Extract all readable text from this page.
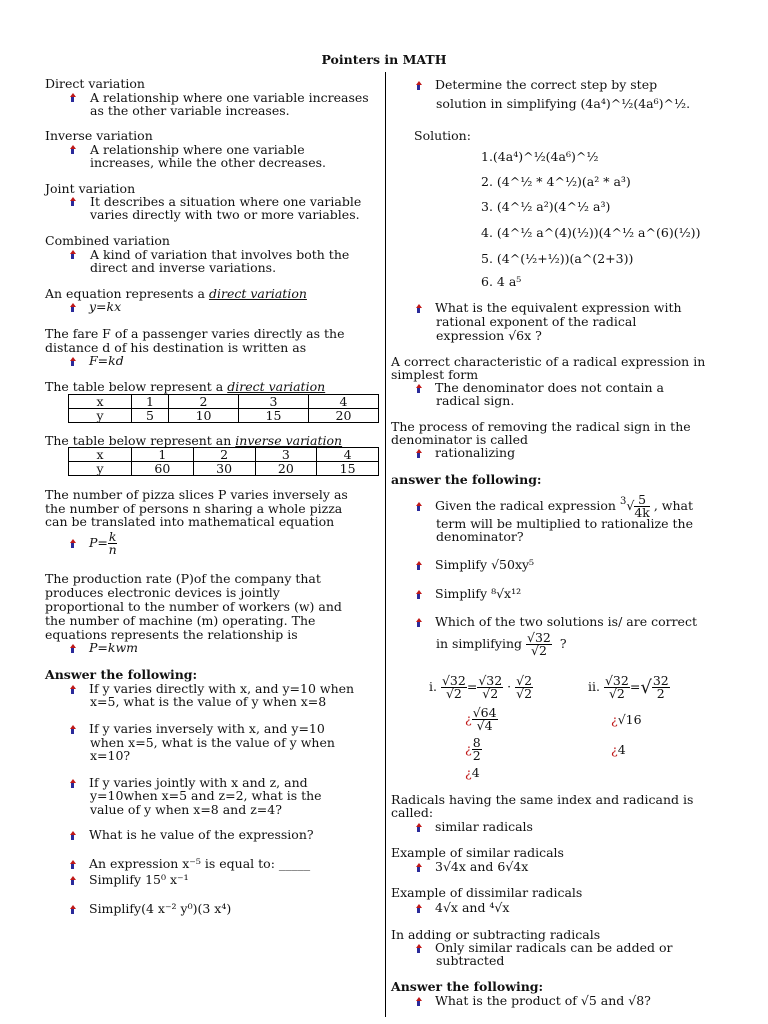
Pointers in MATH
Direct variation
A relationship where one variable increases as the other variable increases.
Inverse variation
A relationship where one variable increases, while the other decreases.
Joint variation
It describes a situation where one variable varies directly with two or more variables.
Combined variation
A kind of variation that involves both the direct and inverse variations.
An equation represents a direct variation
y=kx
The fare F of a passenger varies directly as the
distance d of his destination is written as
F=kd
The table below represent a direct variation
x	1	2	3	4
y	5	10	15	20
The table below represent an inverse variation
x	1	2	3	4
y	60	30	20	15
The number of pizza slices P varies inversely as
the number of persons n sharing a whole pizza
can be translated into mathematical equation
$P= \frac{k}{n}$
The production rate (P)of the company that
produces electronic devices is jointly
proportional to the number of workers (w) and
the number of machine (m) operating. The
equations represents the relationship is
P=kwm
Answer the following:
If y varies directly with x, and y=10 when
x=5, what is the value of y when x=8
If y varies inversely with x, and y=10
when x=5, what is the value of y when
x=10?
If y varies jointly with x and z, and
y=10when x=5 and z=2, what is the
value of y when x=8 and z=4?
What is he value of the expression?
An expression x⁻⁵ is equal to: _____
Simplify 15⁰ x⁻¹
Simplify(4 x⁻² y⁰)(3 x⁴)
Determine the correct step by step
solution in simplifying (4a⁴)^½(4a⁶)^½.
Solution:
1.(4a⁴)^½(4a⁶)^½
2. (4^½ * 4^½)(a² * a³)
3. (4^½ a²)(4^½ a³)
4. (4^½ a^(4)(½))(4^½ a^(6)(½))
5. (4^(½+½))(a^(2+3))
6. 4 a⁵
What is the equivalent expression with
rational exponent of the radical
expression √6x ?
A correct characteristic of a radical expression in
simplest form
The denominator does not contain a
radical sign.
The process of removing the radical sign in the
denominator is called
rationalizing
answer the following:
Given the radical expression $^3√ \frac{5}{4k}$ , what
term will be multiplied to rationalize the
denominator?
Simplify √50xy⁵
Simplify ⁸√x¹²
Which of the two solutions is/ are correct
in simplifying $\frac{√32}{√2}$ ?
i. $\frac{√32}{√2} = \frac{√32}{√2} \cdot \frac{√2}{√2}$
¿ $\frac{√64}{√4}$
¿ $\frac{8}{2}$
¿4
ii. $\frac{√32}{√2}$ =√ $\frac{32}{2}$
¿√16
¿4
Radicals having the same index and radicand is
called:
similar radicals
Example of similar radicals
3√4x and 6√4x
Example of dissimilar radicals
4√x and ⁴√x
In adding or subtracting radicals
Only similar radicals can be added or
subtracted
Answer the following:
What is the product of √5 and √8?
